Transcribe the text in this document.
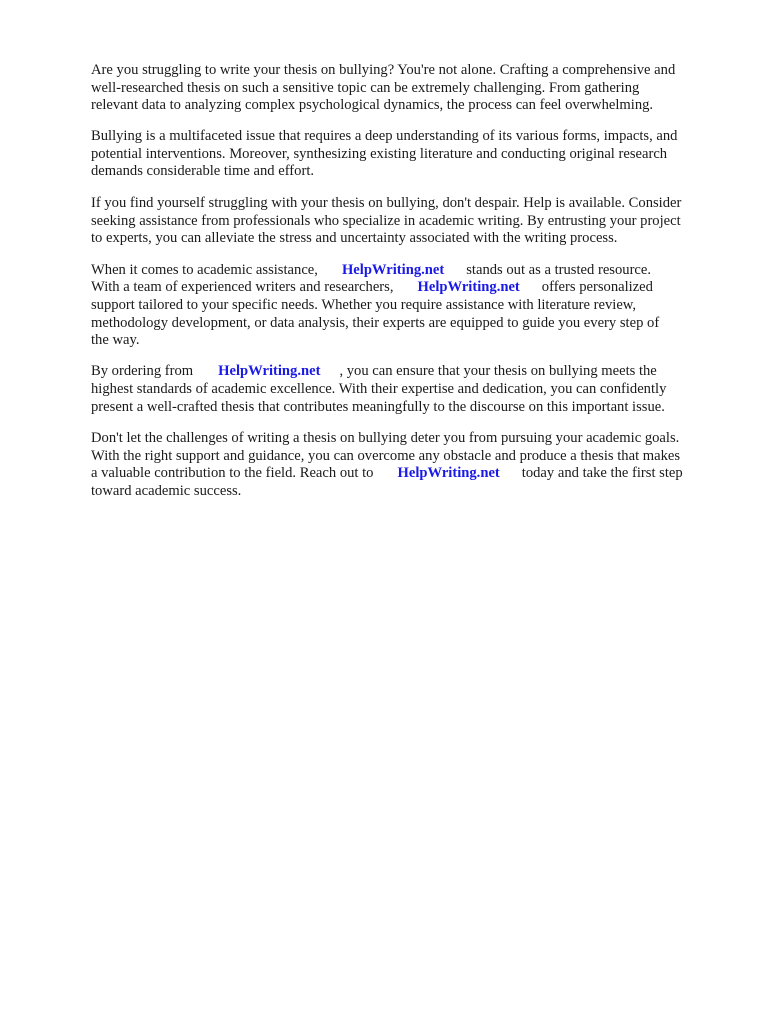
Are you struggling to write your thesis on bullying? You're not alone. Crafting a comprehensive and

well-researched thesis on such a sensitive topic can be extremely challenging. From gathering

relevant data to analyzing complex psychological dynamics, the process can feel overwhelming.

Bullying is a multifaceted issue that requires a deep understanding of its various forms, impacts, and

potential interventions. Moreover, synthesizing existing literature and conducting original research

demands considerable time and effort.

If you find yourself struggling with your thesis on bullying, don't despair. Help is available. Consider

seeking assistance from professionals who specialize in academic writing. By entrusting your project

to experts, you can alleviate the stress and uncertainty associated with the writing process.

When it comes to academic assistance, HelpWriting.net stands out as a trusted resource.

With a team of experienced writers and researchers, HelpWriting.net offers personalized

support tailored to your specific needs. Whether you require assistance with literature review,

methodology development, or data analysis, their experts are equipped to guide you every step of

the way.

By ordering from HelpWriting.net , you can ensure that your thesis on bullying meets the

highest standards of academic excellence. With their expertise and dedication, you can confidently

present a well-crafted thesis that contributes meaningfully to the discourse on this important issue.

Don't let the challenges of writing a thesis on bullying deter you from pursuing your academic goals.

With the right support and guidance, you can overcome any obstacle and produce a thesis that makes

a valuable contribution to the field. Reach out to HelpWriting.net today and take the first step

toward academic success.
